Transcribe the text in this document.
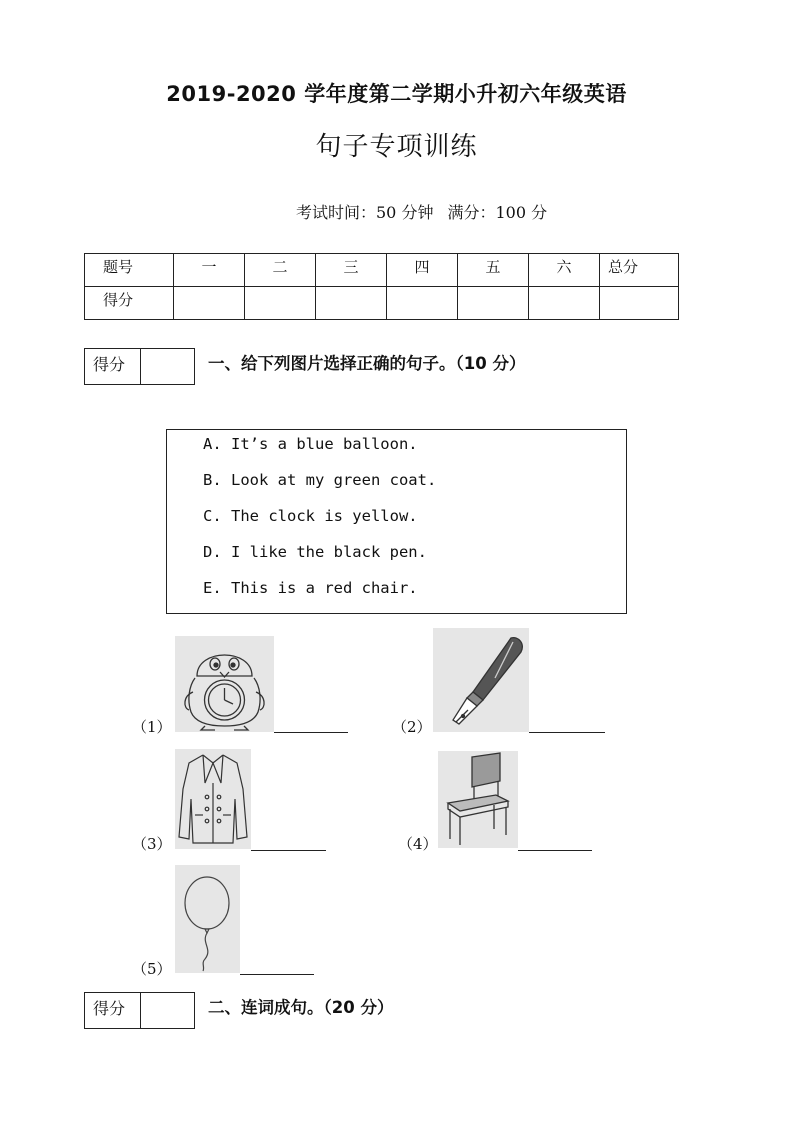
2019-2020 学年度第二学期小升初六年级英语
句子专项训练
考试时间：50 分钟 满分：100 分
题号	一	二	三	四	五	六	总分
得分							
得分	一、给下列图片选择正确的句子。（10 分）
A. It’s a blue balloon.
B. Look at my green coat.
C. The clock is yellow.
D. I like the black pen.
E. This is a red chair.
（1）	（2）
（3）	（4）
（5）
得分	二、连词成句。（20 分）
